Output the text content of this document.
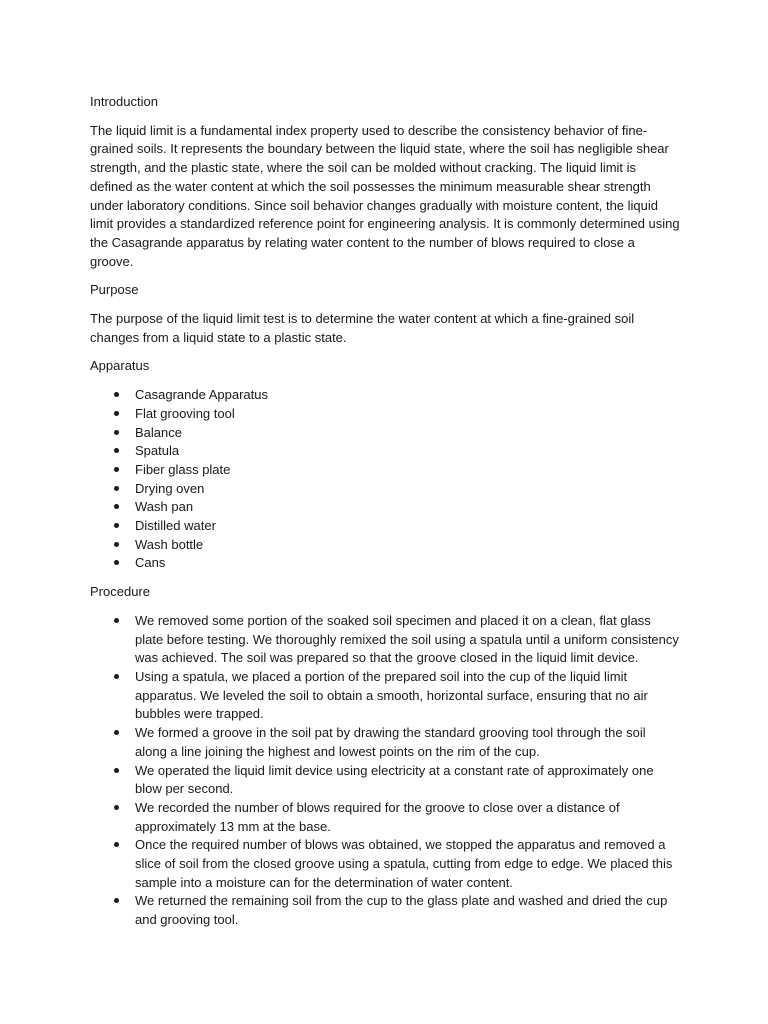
Introduction
The liquid limit is a fundamental index property used to describe the consistency behavior of fine-grained soils. It represents the boundary between the liquid state, where the soil has negligible shear strength, and the plastic state, where the soil can be molded without cracking. The liquid limit is defined as the water content at which the soil possesses the minimum measurable shear strength under laboratory conditions. Since soil behavior changes gradually with moisture content, the liquid limit provides a standardized reference point for engineering analysis. It is commonly determined using the Casagrande apparatus by relating water content to the number of blows required to close a groove.
Purpose
The purpose of the liquid limit test is to determine the water content at which a fine-grained soil changes from a liquid state to a plastic state.
Apparatus
Casagrande Apparatus
Flat grooving tool
Balance
Spatula
Fiber glass plate
Drying oven
Wash pan
Distilled water
Wash bottle
Cans
Procedure
We removed some portion of the soaked soil specimen and placed it on a clean, flat glass plate before testing. We thoroughly remixed the soil using a spatula until a uniform consistency was achieved. The soil was prepared so that the groove closed in the liquid limit device.
Using a spatula, we placed a portion of the prepared soil into the cup of the liquid limit apparatus. We leveled the soil to obtain a smooth, horizontal surface, ensuring that no air bubbles were trapped.
We formed a groove in the soil pat by drawing the standard grooving tool through the soil along a line joining the highest and lowest points on the rim of the cup.
We operated the liquid limit device using electricity at a constant rate of approximately one blow per second.
We recorded the number of blows required for the groove to close over a distance of approximately 13 mm at the base.
Once the required number of blows was obtained, we stopped the apparatus and removed a slice of soil from the closed groove using a spatula, cutting from edge to edge. We placed this sample into a moisture can for the determination of water content.
We returned the remaining soil from the cup to the glass plate and washed and dried the cup and grooving tool.
